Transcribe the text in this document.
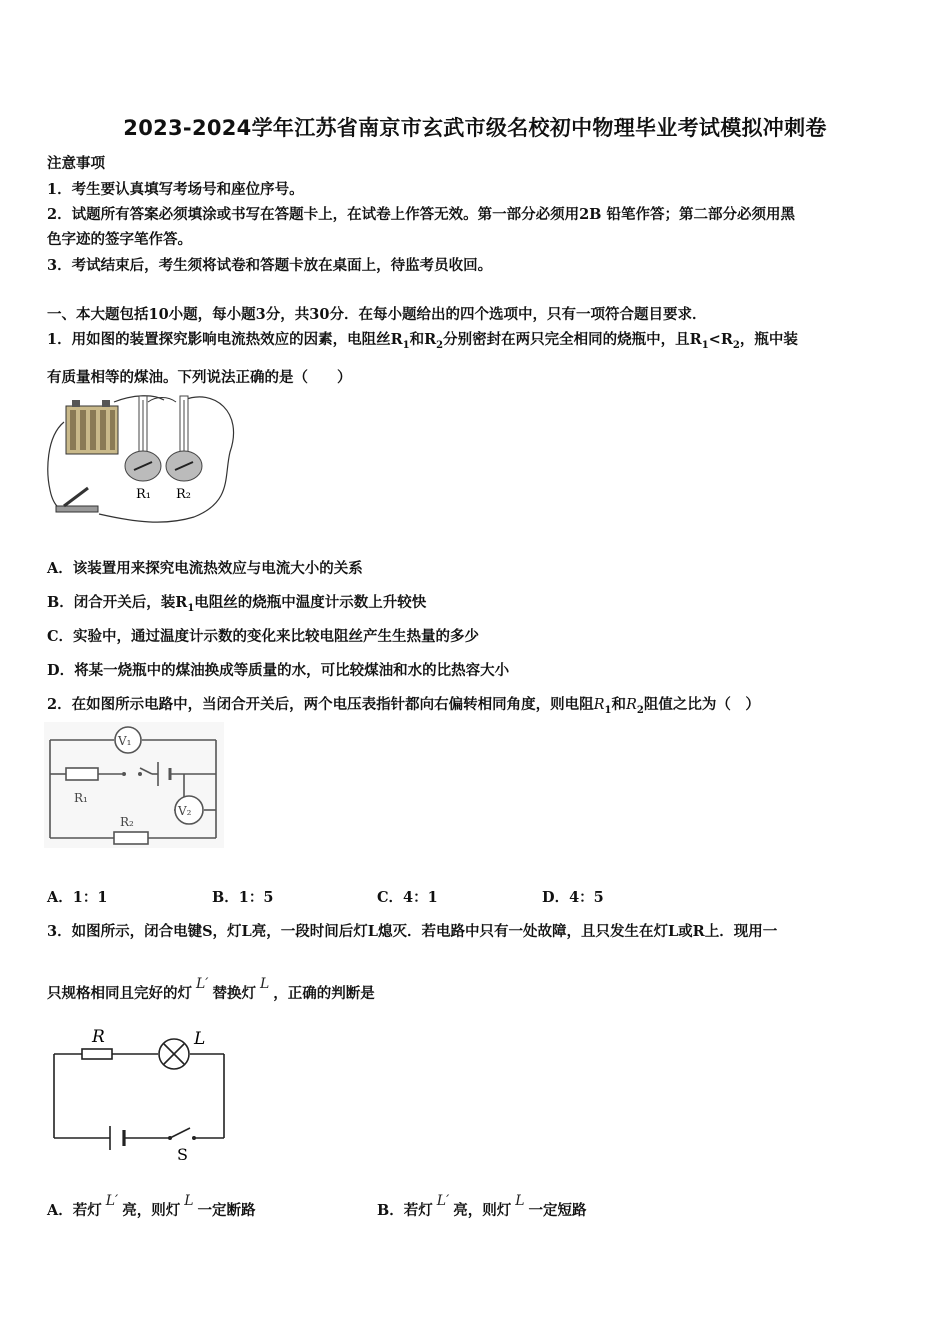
2023-2024学年江苏省南京市玄武市级名校初中物理毕业考试模拟冲刺卷
注意事项
1．考生要认真填写考场号和座位序号。
2．试题所有答案必须填涂或书写在答题卡上，在试卷上作答无效。第一部分必须用2B 铅笔作答；第二部分必须用黑
色字迹的签字笔作答。
3．考试结束后，考生须将试卷和答题卡放在桌面上，待监考员收回。
一、本大题包括10小题，每小题3分，共30分．在每小题给出的四个选项中，只有一项符合题目要求．
1．用如图的装置探究影响电流热效应的因素，电阻丝$R_1$和$R_2$分别密封在两只完全相同的烧瓶中，且$R_1<R_2$，瓶中装
有质量相等的煤油。下列说法正确的是（　　）
R₁ R₂
A．该装置用来探究电流热效应与电流大小的关系
B．闭合开关后，装$R_1$电阻丝的烧瓶中温度计示数上升较快
C．实验中，通过温度计示数的变化来比较电阻丝产生生热量的多少
D．将某一烧瓶中的煤油换成等质量的水，可比较煤油和水的比热容大小
2．在如图所示电路中，当闭合开关后，两个电压表指针都向右偏转相同角度，则电阻$R_1$和$R_2$阻值之比为（　）
V₁
R₁
V₂
R₂
A．1：1	B．1：5	C．4：1	D．4：5
3．如图所示，闭合电键S，灯L亮，一段时间后灯L熄灭．若电路中只有一处故障，且只发生在灯L或R上．现用一
只规格相同且完好的灯L′替换灯L，正确的判断是
R	L
S
A．若灯L′亮，则灯L一定断路	B．若灯L′亮，则灯L一定短路
